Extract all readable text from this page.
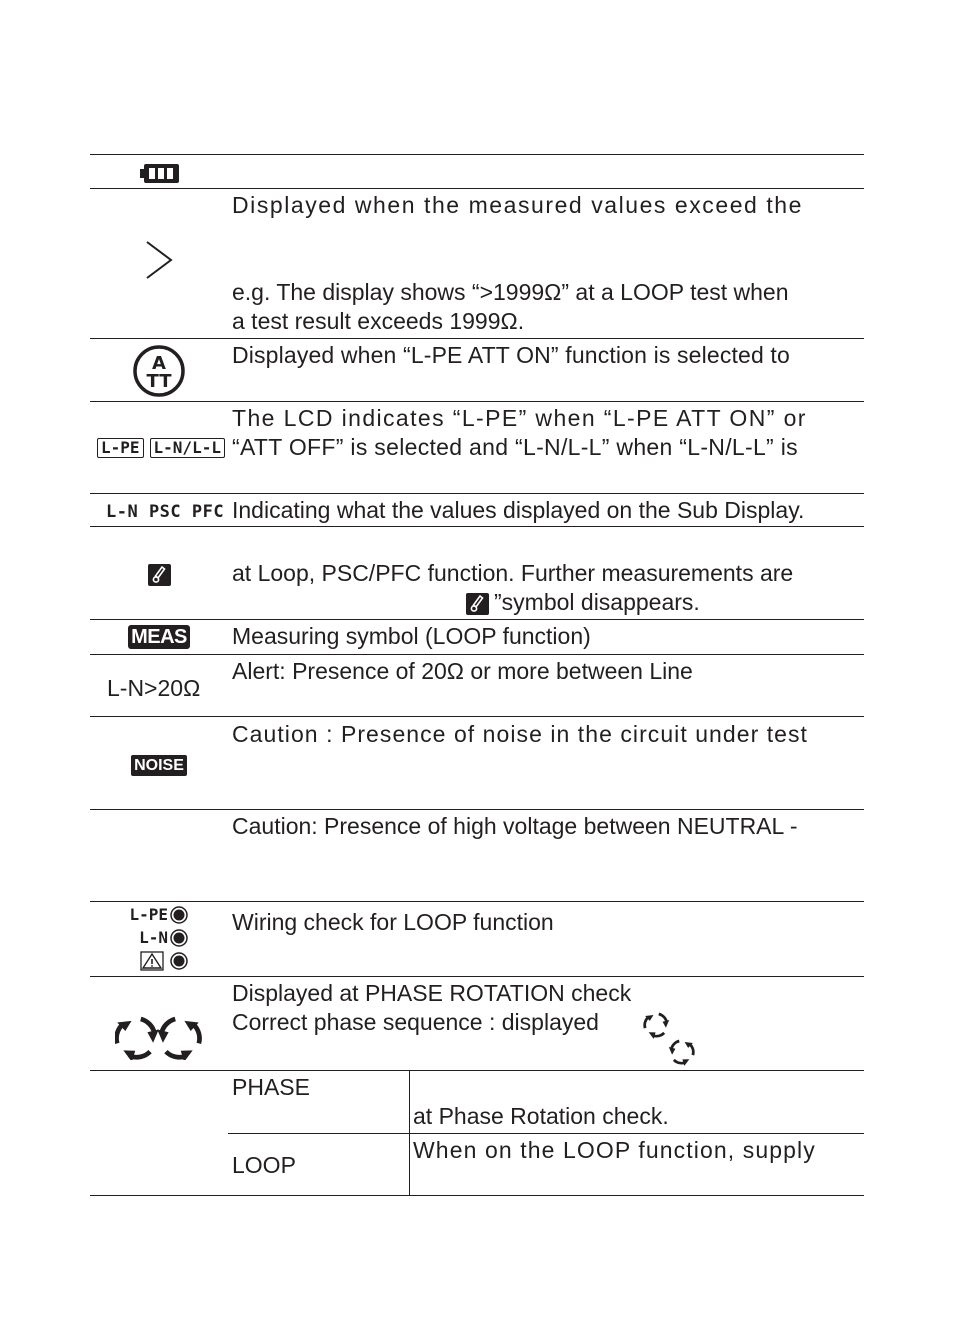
Displayed when the measured values exceed the
e.g. The display shows “>1999Ω” at a LOOP test when
a test result exceeds 1999Ω.
A
TT
Displayed when “L-PE ATT ON” function is selected to
L-PE L-N/L-L
The LCD indicates “L-PE” when “L-PE ATT ON” or
“ATT OFF” is selected and “L-N/L-L” when “L-N/L-L” is
L-N PSC PFC Indicating what the values displayed on the Sub Display.
at Loop, PSC/PFC function. Further measurements are
”symbol disappears.
MEAS Measuring symbol (LOOP function)
L-N>20Ω
Alert: Presence of 20Ω or more between Line
NOISE
Caution : Presence of noise in the circuit under test
Caution: Presence of high voltage between NEUTRAL -
L-PE
L-N
Wiring check for LOOP function
Displayed at PHASE ROTATION check
Correct phase sequence : displayed
PHASE
at Phase Rotation check.
LOOP
When on the LOOP function, supply
